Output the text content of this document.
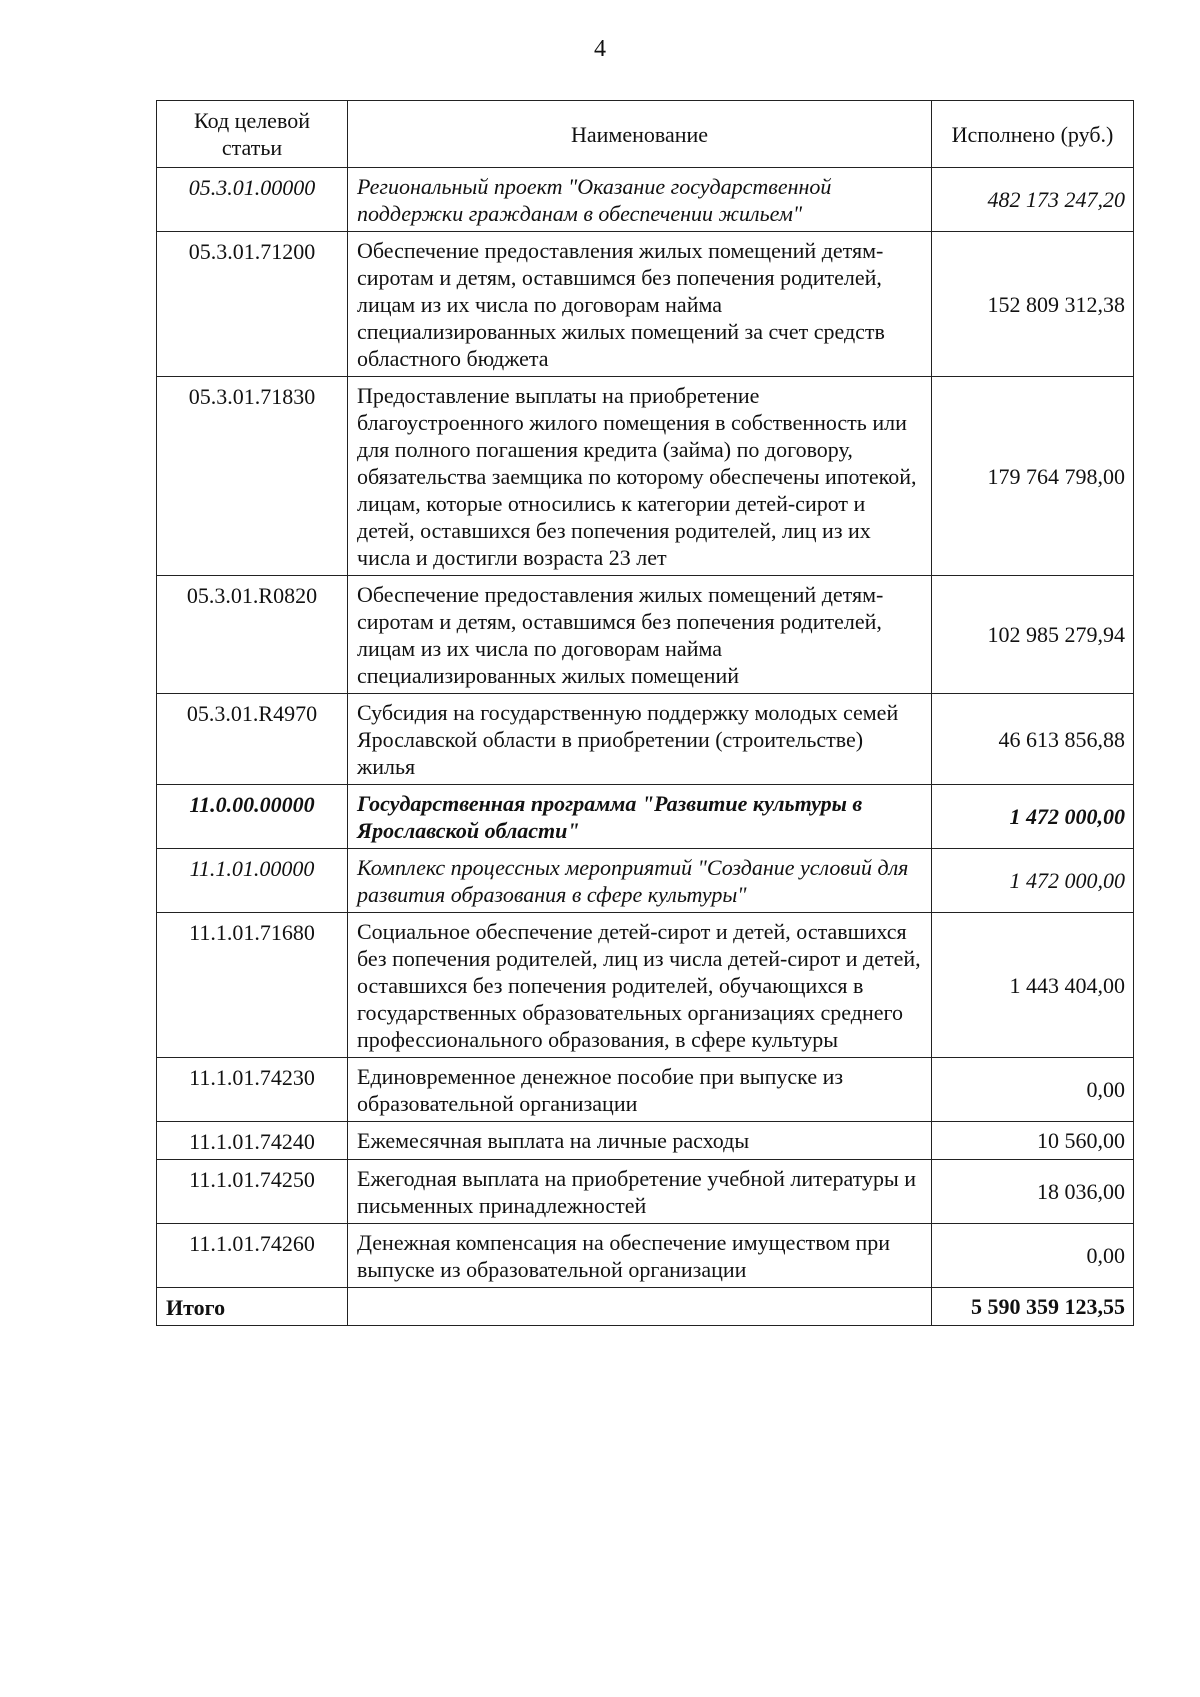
4
Код целевой статьи	Наименование	Исполнено (руб.)
05.3.01.00000	Региональный проект "Оказание государственной поддержки гражданам в обеспечении жильем"	482 173 247,20
05.3.01.71200	Обеспечение предоставления жилых помещений детям-сиротам и детям, оставшимся без попечения родителей, лицам из их числа по договорам найма специализированных жилых помещений за счет средств областного бюджета	152 809 312,38
05.3.01.71830	Предоставление выплаты на приобретение благоустроенного жилого помещения в собственность или для полного погашения кредита (займа) по договору, обязательства заемщика по которому обеспечены ипотекой, лицам, которые относились к категории детей-сирот и детей, оставшихся без попечения родителей, лиц из их числа и достигли возраста 23 лет	179 764 798,00
05.3.01.R0820	Обеспечение предоставления жилых помещений детям-сиротам и детям, оставшимся без попечения родителей, лицам из их числа по договорам найма специализированных жилых помещений	102 985 279,94
05.3.01.R4970	Субсидия на государственную поддержку молодых семей Ярославской области в приобретении (строительстве) жилья	46 613 856,88
11.0.00.00000	Государственная программа "Развитие культуры в Ярославской области"	1 472 000,00
11.1.01.00000	Комплекс процессных мероприятий "Создание условий для развития образования в сфере культуры"	1 472 000,00
11.1.01.71680	Социальное обеспечение детей-сирот и детей, оставшихся без попечения родителей, лиц из числа детей-сирот и детей, оставшихся без попечения родителей, обучающихся в государственных образовательных организациях среднего профессионального образования, в сфере культуры	1 443 404,00
11.1.01.74230	Единовременное денежное пособие при выпуске из образовательной организации	0,00
11.1.01.74240	Ежемесячная выплата на личные расходы	10 560,00
11.1.01.74250	Ежегодная выплата на приобретение учебной литературы и письменных принадлежностей	18 036,00
11.1.01.74260	Денежная компенсация на обеспечение имуществом при выпуске из образовательной организации	0,00
Итого		5 590 359 123,55
